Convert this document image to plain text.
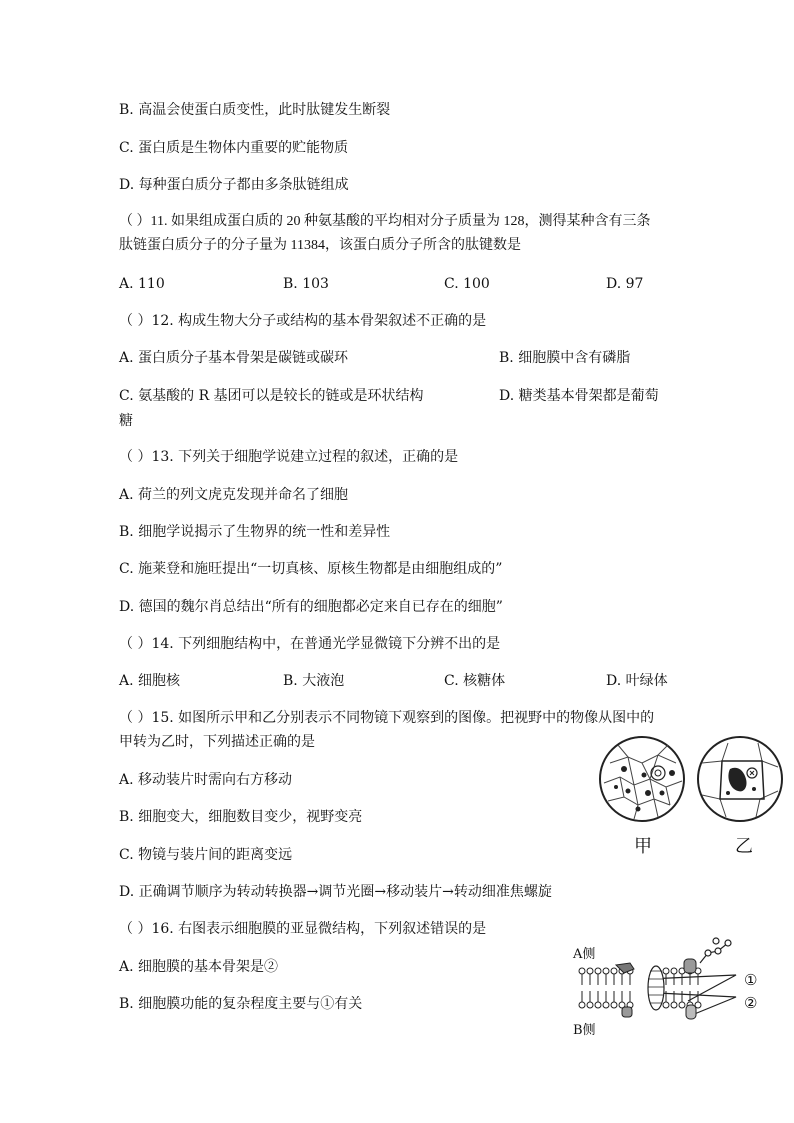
B. 高温会使蛋白质变性，此时肽键发生断裂
C. 蛋白质是生物体内重要的贮能物质
D. 每种蛋白质分子都由多条肽链组成
（ ）11. 如果组成蛋白质的 20 种氨基酸的平均相对分子质量为 128，测得某种含有三条
肽链蛋白质分子的分子量为 11384，该蛋白质分子所含的肽键数是
A. 110	B. 103	C. 100	D. 97
（ ）12. 构成生物大分子或结构的基本骨架叙述不正确的是
A. 蛋白质分子基本骨架是碳链或碳环	B. 细胞膜中含有磷脂
C. 氨基酸的 R 基团可以是较长的链或是环状结构	D. 糖类基本骨架都是葡萄
糖
（ ）13. 下列关于细胞学说建立过程的叙述，正确的是
A. 荷兰的列文虎克发现并命名了细胞
B. 细胞学说揭示了生物界的统一性和差异性
C. 施莱登和施旺提出“一切真核、原核生物都是由细胞组成的”
D. 德国的魏尔肖总结出“所有的细胞都必定来自已存在的细胞”
（ ）14. 下列细胞结构中，在普通光学显微镜下分辨不出的是
A. 细胞核	B. 大液泡	C. 核糖体	D. 叶绿体
（ ）15. 如图所示甲和乙分别表示不同物镜下观察到的图像。把视野中的物像从图中的
甲转为乙时，下列描述正确的是
A. 移动装片时需向右方移动
B. 细胞变大，细胞数目变少，视野变亮
C. 物镜与装片间的距离变远
D. 正确调节顺序为转动转换器→调节光圈→移动装片→转动细准焦螺旋
（ ）16. 右图表示细胞膜的亚显微结构，下列叙述错误的是
A. 细胞膜的基本骨架是②
B. 细胞膜功能的复杂程度主要与①有关
甲	乙
A侧
B侧
①
②
